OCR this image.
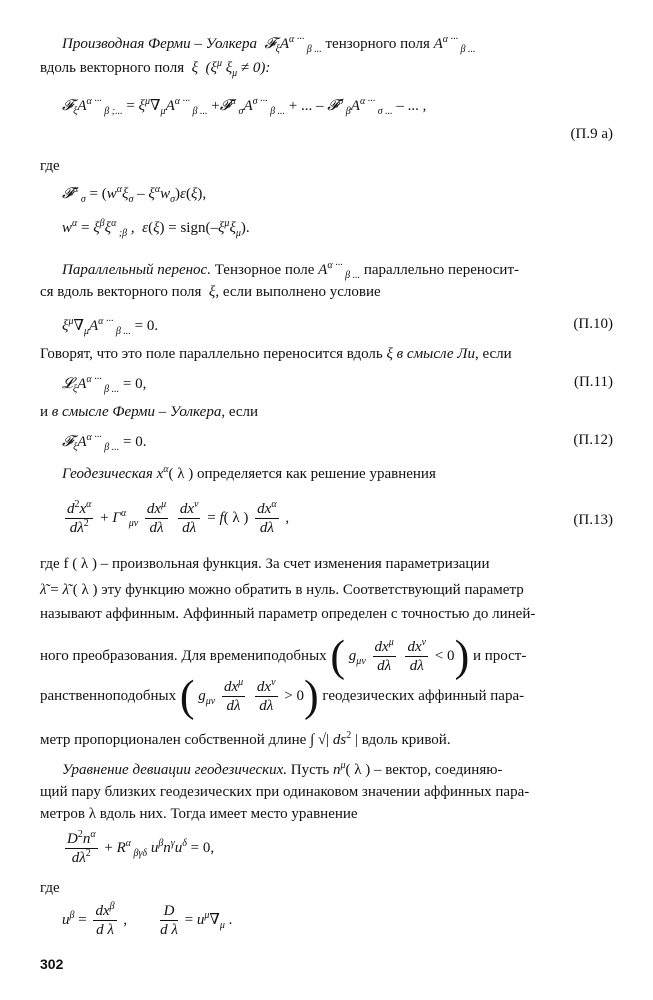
Производная Ферми – Уолкера $𝓕_\xi A^{\alpha \cdot\cdot\cdot}$ $_{\beta ...}$ тензорного поля $A^{\alpha \cdot\cdot\cdot}$ $_{\beta ...}$
вдоль векторного поля  ξ  ($\xi^\mu$ $\xi_\mu \ne 0$):
$𝓕_\xi A^{\alpha \cdot\cdot\cdot}$ $_{\beta ;...} = \xi^\mu\nabla_\mu A^{\alpha \cdot\cdot\cdot}$ $_{\beta ...}$ +𝓕$^\alpha$ $_\sigma A^{\sigma \cdot\cdot\cdot}$ $_{\beta ...}$ + ... – 𝓕$^\sigma$ $_\beta A^{\alpha \cdot\cdot\cdot}$ $_{\sigma ...}$ – ... ,
(П.9 а)
где
𝓕$^\alpha$ $_\sigma = (w^\alpha\xi_\sigma - \xi^\alpha w_\sigma)\varepsilon(\xi)$,
$w^\alpha = \xi^\beta\xi^\alpha$ $_{;\beta}$ ,  $\varepsilon(\xi) = sign(-\xi^\mu\xi_\mu)$.
Параллельный перенос. Тензорное поле $A^{\alpha \cdot\cdot\cdot}$ $_{\beta ...}$ параллельно переносит-
ся вдоль векторного поля  ξ, если выполнено условие
$\xi^\mu\nabla_\mu A^{\alpha \cdot\cdot\cdot}$ $_{\beta ...}$ = 0.	(П.10)
Говорят, что это поле параллельно переносится вдоль ξ в смысле Ли, если
$𝓛_\xi A^{\alpha \cdot\cdot\cdot}$ $_{\beta ...}$ = 0,	(П.11)
и в смысле Ферми – Уолкера, если
$𝓕_\xi A^{\alpha \cdot\cdot\cdot}$ $_{\beta ...}$ = 0.	(П.12)
Геодезическая $x^\alpha$( λ ) определяется как решение уравнения
$\frac{d^2x^\alpha}{d\lambda^2} + \Gamma^\alpha$ $_{\mu\nu} \frac{dx^\mu}{d\lambda}$
$\frac{dx^\nu}{d\lambda} = f$( λ ) $\frac{dx^\alpha}{d\lambda}$ ,	(П.13)
где f ( λ ) – произвольная функция. За счет изменения параметризации
λ͂ = λ͂ ( λ ) эту функцию можно обратить в нуль. Соответствующий параметр
называют аффинным. Аффинный параметр определен с точностью до линей-
ного преобразования. Для времениподобных ( $g_{\mu\nu} \frac{dx^\mu}{d\lambda}$
$\frac{dx^\nu}{d\lambda} < 0$) и прост-
ранственноподобных ( $g_{\mu\nu} \frac{dx^\mu}{d\lambda}$
$\frac{dx^\nu}{d\lambda} > 0$) геодезических аффинный пара-
метр пропорционален собственной длине ∫ √| $ds^2$ | вдоль кривой.
Уравнение девиации геодезических. Пусть $n^\mu$( λ ) – вектор, соединяю-
щий пару близких геодезических при одинаковом значении аффинных пара-
метров λ вдоль них. Тогда имеет место уравнение
$\frac{D^2n^\alpha}{d\lambda^2} + R^\alpha$ $_{\beta\gamma\delta}$ $u^\beta n^\gamma u^\delta = 0$,
где
$u^\beta = \frac{dx^\beta}{\text{d λ}}$ , $\frac{D}{\text{d λ}} = u^\mu\nabla_\mu$ .
302
